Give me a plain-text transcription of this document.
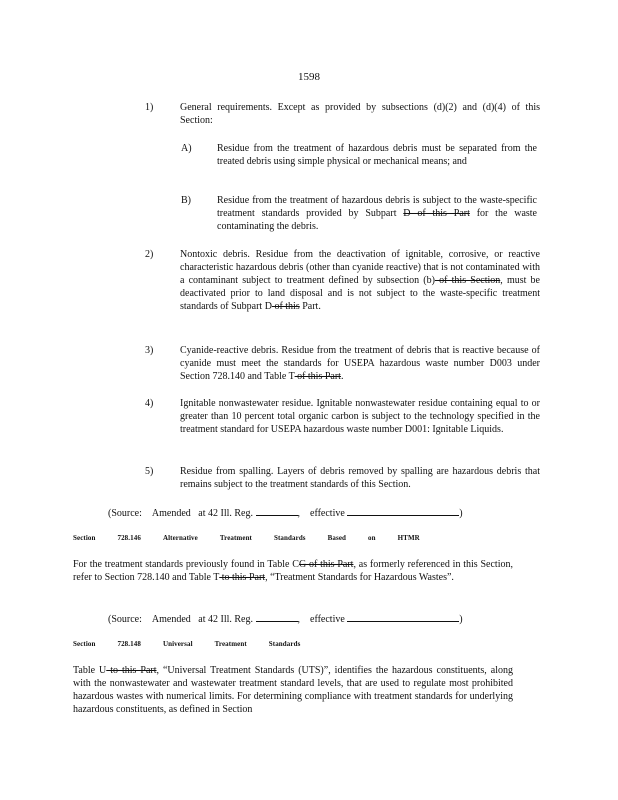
1598
1)	General requirements. Except as provided by subsections (d)(2) and (d)(4) of this Section:
A)	Residue from the treatment of hazardous debris must be separated from the treated debris using simple physical or mechanical means; and
B)	Residue from the treatment of hazardous debris is subject to the waste-specific treatment standards provided by Subpart D of this Part for the waste contaminating the debris.
2)	Nontoxic debris. Residue from the deactivation of ignitable, corrosive, or reactive characteristic hazardous debris (other than cyanide reactive) that is not contaminated with a contaminant subject to treatment defined by subsection (b) of this Section, must be deactivated prior to land disposal and is not subject to the waste-specific treatment standards of Subpart D of this Part.
3)	Cyanide-reactive debris. Residue from the treatment of debris that is reactive because of cyanide must meet the standards for USEPA hazardous waste number D003 under Section 728.140 and Table T of this Part.
4)	Ignitable nonwastewater residue. Ignitable nonwastewater residue containing equal to or greater than 10 percent total organic carbon is subject to the technology specified in the treatment standard for USEPA hazardous waste number D001: Ignitable Liquids.
5)	Residue from spalling. Layers of debris removed by spalling are hazardous debris that remains subject to the treatment standards of this Section.
(Source: Amended at 42 Ill. Reg.	,    effective	)
Section	728.146	Alternative	Treatment	Standards	Based	on	HTMR
For the treatment standards previously found in Table CG of this Part, as formerly referenced in this Section, refer to Section 728.140 and Table T to this Part, “Treatment Standards for Hazardous Wastes”.
(Source: Amended at 42 Ill. Reg.	,    effective	)
Section	728.148	Universal	Treatment	Standards
Table U to this Part, “Universal Treatment Standards (UTS)”, identifies the hazardous constituents, along with the nonwastewater and wastewater treatment standard levels, that are used to regulate most prohibited hazardous wastes with numerical limits. For determining compliance with treatment standards for underlying hazardous constituents, as defined in Section
